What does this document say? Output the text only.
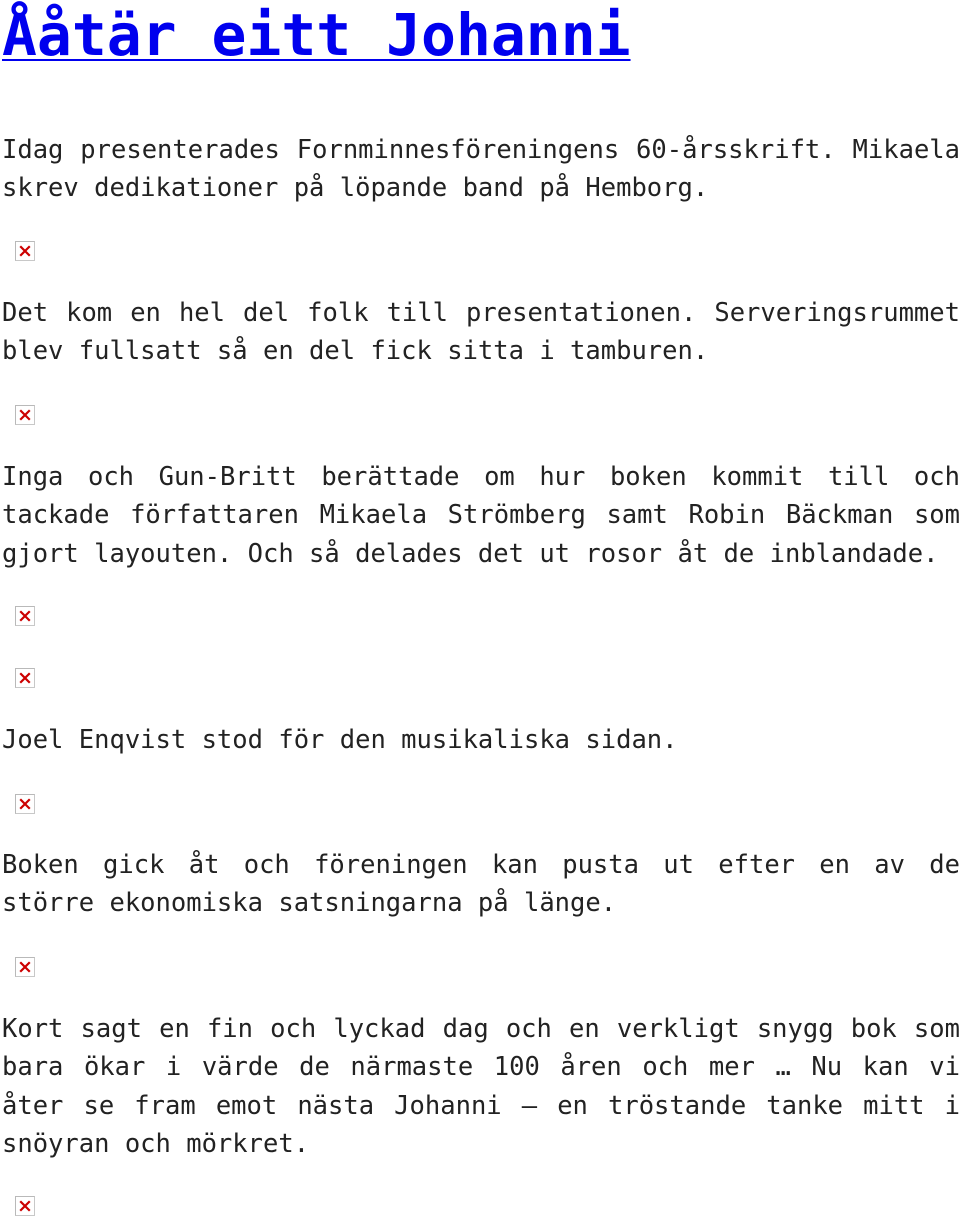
Ååtär eitt Johanni

Idag presenterades Fornminnesföreningens 60-årsskrift. Mikaela skrev dedikationer på löpande band på Hemborg.

Det kom en hel del folk till presentationen. Serveringsrummet blev fullsatt så en del fick sitta i tamburen.

Inga och Gun-Britt berättade om hur boken kommit till och tackade författaren Mikaela Strömberg samt Robin Bäckman som gjort layouten. Och så delades det ut rosor åt de inblandade.

Joel Enqvist stod för den musikaliska sidan.

Boken gick åt och föreningen kan pusta ut efter en av de större ekonomiska satsningarna på länge.

Kort sagt en fin och lyckad dag och en verkligt snygg bok som bara ökar i värde de närmaste 100 åren och mer … Nu kan vi åter se fram emot nästa Johanni – en tröstande tanke mitt i snöyran och mörkret.
